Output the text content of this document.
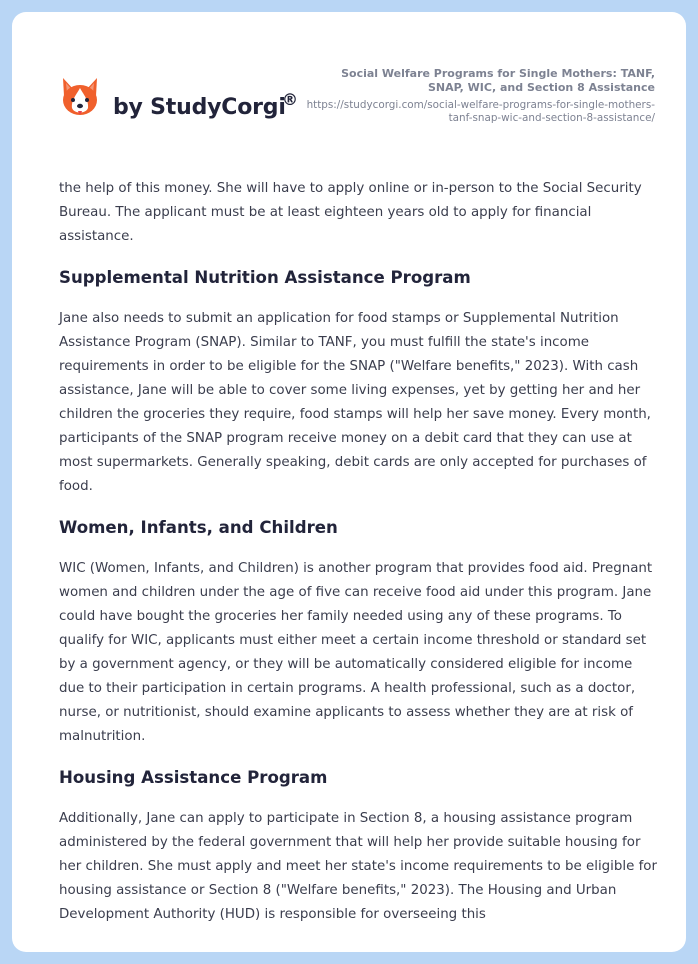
by StudyCorgi
®
Social Welfare Programs for Single Mothers: TANF, SNAP, WIC, and Section 8 Assistance
https://studycorgi.com/social-welfare-programs-for-single-mothers-tanf-snap-wic-and-section-8-assistance/

the help of this money. She will have to apply online or in-person to the Social Security Bureau. The applicant must be at least eighteen years old to apply for financial assistance.

Supplemental Nutrition Assistance Program

Jane also needs to submit an application for food stamps or Supplemental Nutrition Assistance Program (SNAP). Similar to TANF, you must fulfill the state's income requirements in order to be eligible for the SNAP ("Welfare benefits," 2023). With cash assistance, Jane will be able to cover some living expenses, yet by getting her and her children the groceries they require, food stamps will help her save money. Every month, participants of the SNAP program receive money on a debit card that they can use at most supermarkets. Generally speaking, debit cards are only accepted for purchases of food.

Women, Infants, and Children

WIC (Women, Infants, and Children) is another program that provides food aid. Pregnant women and children under the age of five can receive food aid under this program. Jane could have bought the groceries her family needed using any of these programs. To qualify for WIC, applicants must either meet a certain income threshold or standard set by a government agency, or they will be automatically considered eligible for income due to their participation in certain programs. A health professional, such as a doctor, nurse, or nutritionist, should examine applicants to assess whether they are at risk of malnutrition.

Housing Assistance Program

Additionally, Jane can apply to participate in Section 8, a housing assistance program administered by the federal government that will help her provide suitable housing for her children. She must apply and meet her state's income requirements to be eligible for housing assistance or Section 8 ("Welfare benefits," 2023). The Housing and Urban Development Authority (HUD) is responsible for overseeing this
